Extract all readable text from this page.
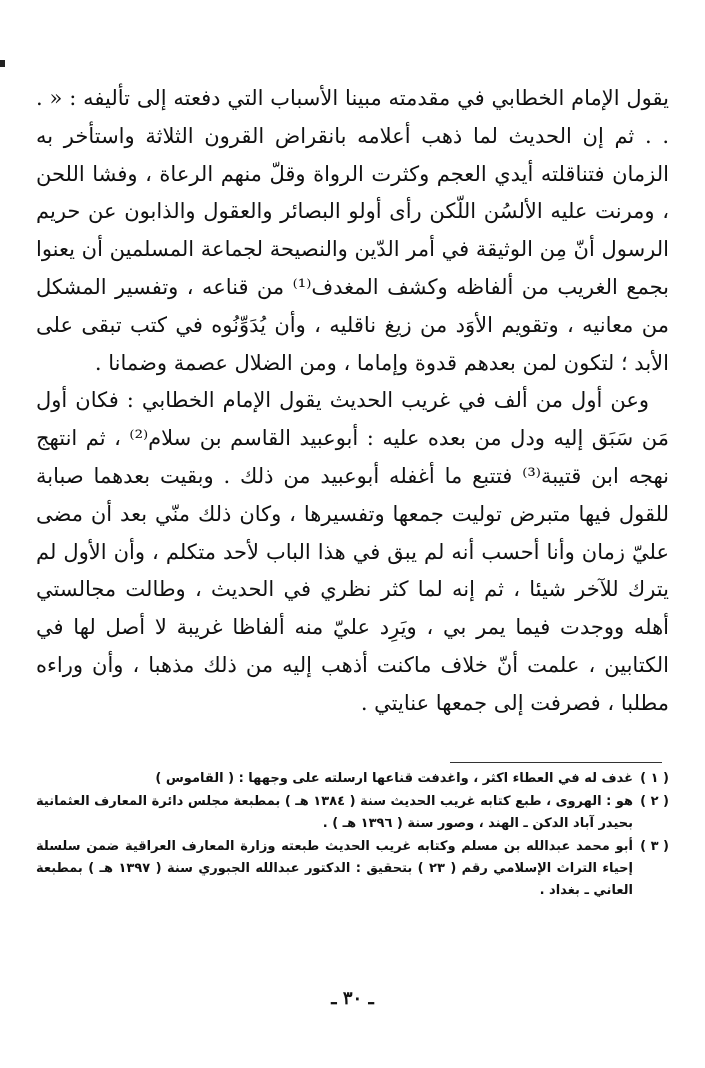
يقول الإمام الخطابي في مقدمته مبينا الأسباب التي دفعته إلى تأليفه : « . . . ثم إن الحديث لما ذهب أعلامه بانقراض القرون الثلاثة واستأخر به الزمان فتناقلته أيدي العجم وكثرت الرواة وقلّ منهم الرعاة ، وفشا اللحن ، ومرنت عليه الألسُن اللّكن رأى أولو البصائر والعقول والذابون عن حريم الرسول أنّ مِن الوثيقة في أمر الدّين والنصيحة لجماعة المسلمين أن يعنوا بجمع الغريب من ألفاظه وكشف المغدف⁽¹⁾ من قناعه ، وتفسير المشكل من معانيه ، وتقويم الأوَد من زيغ ناقليه ، وأن يُدَوِّنُوه في كتب تبقى على الأبد ؛ لتكون لمن بعدهم قدوة وإماما ، ومن الضلال عصمة وضمانا .

وعن أول من ألف في غريب الحديث يقول الإمام الخطابي : فكان أول مَن سَبَق إليه ودل من بعده عليه : أبوعبيد القاسم بن سلام⁽²⁾ ، ثم انتهج نهجه ابن قتيبة⁽³⁾ فتتبع ما أغفله أبوعبيد من ذلك . وبقيت بعدهما صبابة للقول فيها متبرض توليت جمعها وتفسيرها ، وكان ذلك منّي بعد أن مضى عليّ زمان وأنا أحسب أنه لم يبق في هذا الباب لأحد متكلم ، وأن الأول لم يترك للآخر شيئا ، ثم إنه لما كثر نظري في الحديث ، وطالت مجالستي أهله ووجدت فيما يمر بي ، ويَرِد عليّ منه ألفاظا غريبة لا أصل لها في الكتابين ، علمت أنّ خلاف ماكنت أذهب إليه من ذلك مذهبا ، وأن وراءه مطلبا ، فصرفت إلى جمعها عنايتي .

( ١ )
غدف له في العطاء اكثر ، واغدفت قناعها ارسلته على وجهها : ( القاموس )
( ٢ )
هو : الهروى ، طبع كتابه غريب الحديث سنة ( ١٣٨٤ هـ ) بمطبعة مجلس دائرة المعارف العثمانية بحيدر آباد الدكن ـ الهند ، وصور سنة ( ١٣٩٦ هـ ) .
( ٣ )
أبو محمد عبدالله بن مسلم وكتابه غريب الحديث طبعته وزارة المعارف العراقية ضمن سلسلة إحياء التراث الإسلامي رقم ( ٢٣ ) بتحقيق : الدكتور عبدالله الجبوري سنة ( ١٣٩٧ هـ ) بمطبعة العاني ـ بغداد .
ـ ٣٠ ـ
